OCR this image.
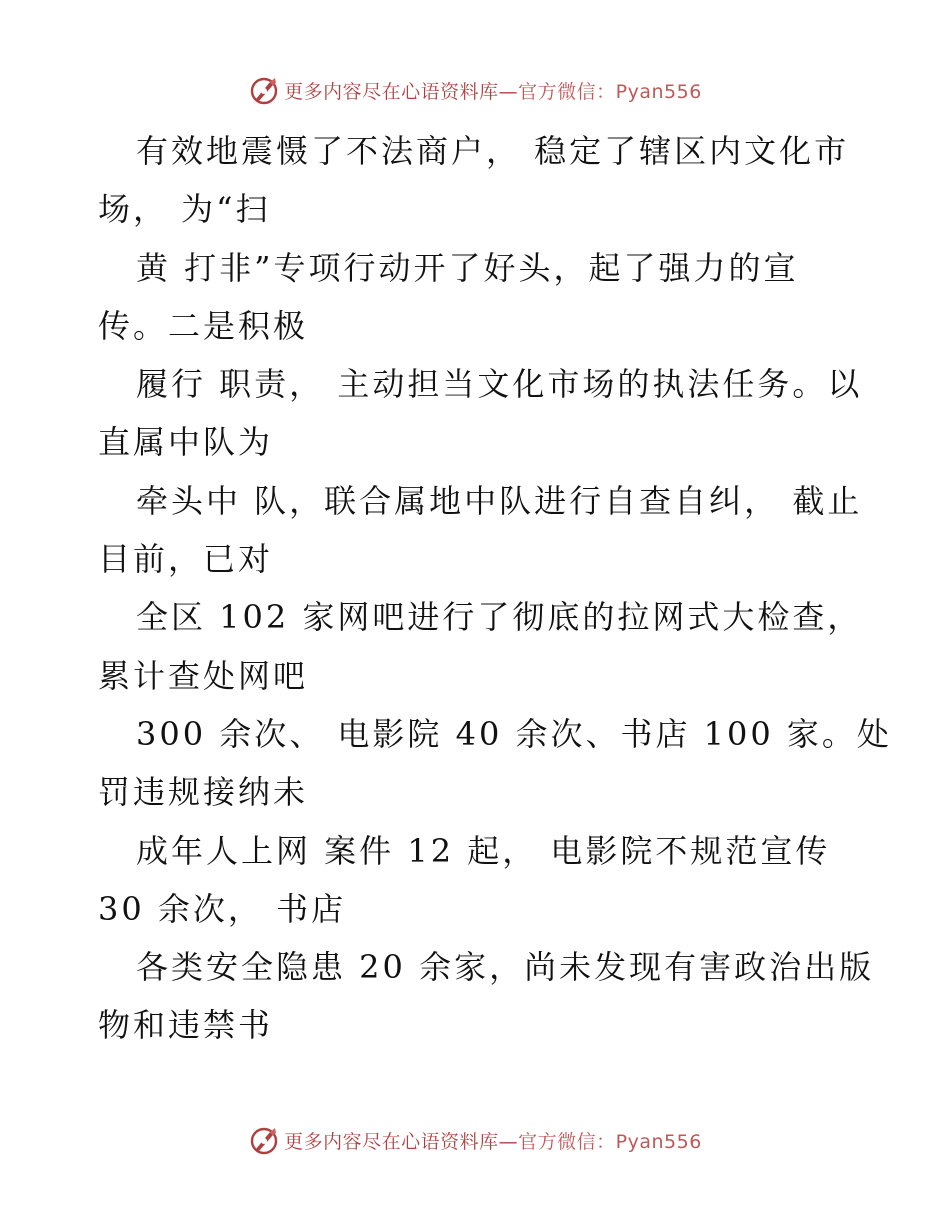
更多内容尽在心语资料库—官方微信：Pyan556
有效地震慑了不法商户， 稳定了辖区内文化市
场， 为“扫
黄 打非”专项行动开了好头，起了强力的宣
传。二是积极
履行 职责， 主动担当文化市场的执法任务。以
直属中队为
牵头中 队，联合属地中队进行自查自纠， 截止
目前，已对
全区 102 家网吧进行了彻底的拉网式大检查，
累计查处网吧
300 余次、 电影院 40 余次、书店 100 家。处
罚违规接纳未
成年人上网 案件 12 起， 电影院不规范宣传
30 余次， 书店
各类安全隐患 20 余家，尚未发现有害政治出版
物和违禁书
更多内容尽在心语资料库—官方微信：Pyan556
